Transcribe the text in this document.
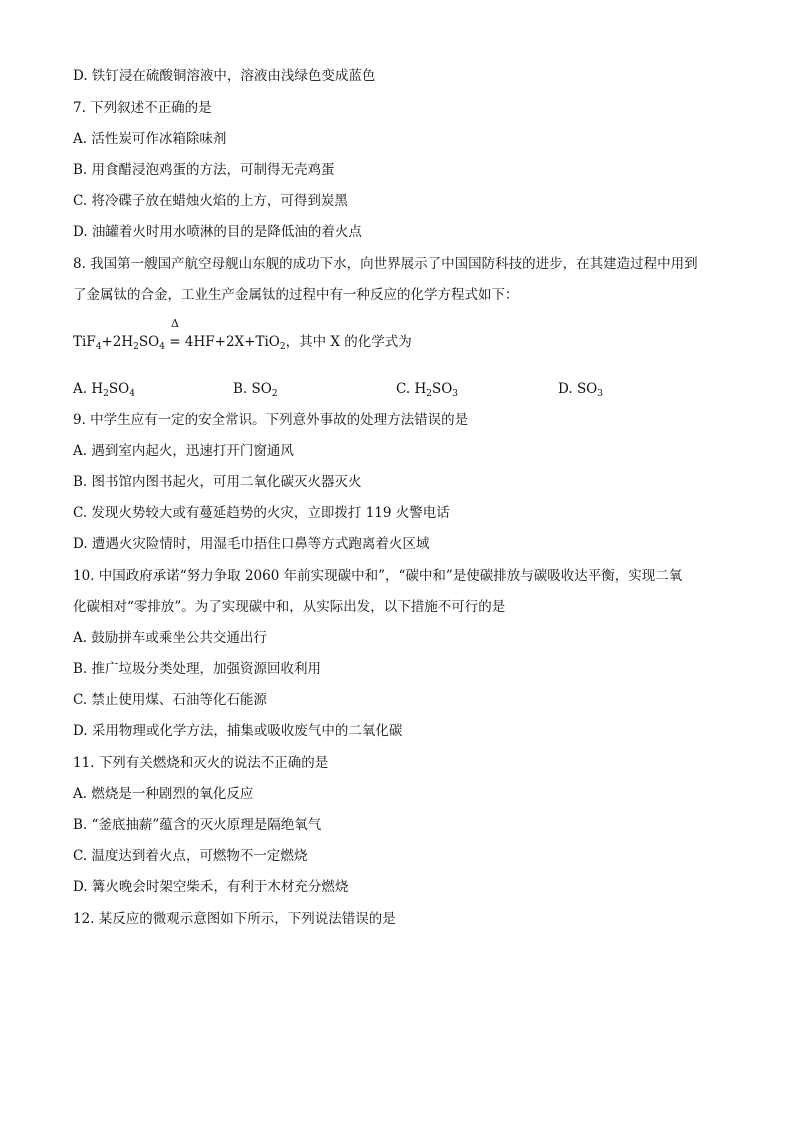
D. 铁钉浸在硫酸铜溶液中，溶液由浅绿色变成蓝色
7. 下列叙述不正确的是
A. 活性炭可作冰箱除味剂
B. 用食醋浸泡鸡蛋的方法，可制得无壳鸡蛋
C. 将冷碟子放在蜡烛火焰的上方，可得到炭黑
D. 油罐着火时用水喷淋的目的是降低油的着火点
8. 我国第一艘国产航空母舰山东舰的成功下水，向世界展示了中国国防科技的进步，在其建造过程中用到
了金属钛的合金，工业生产金属钛的过程中有一种反应的化学方程式如下：
$TiF_4+2H_2SO_4$
Δ
= 4HF+2X+TiO$_2$，其中 X 的化学式为
A. $H_2SO_4$	B. $SO_2$	C. $H_2SO_3$	D. $SO_3$
9. 中学生应有一定的安全常识。下列意外事故的处理方法错误的是
A. 遇到室内起火，迅速打开门窗通风
B. 图书馆内图书起火，可用二氧化碳灭火器灭火
C. 发现火势较大或有蔓延趋势的火灾，立即拨打 119 火警电话
D. 遭遇火灾险情时，用湿毛巾捂住口鼻等方式跑离着火区域
10. 中国政府承诺“努力争取 2060 年前实现碳中和”，“碳中和”是使碳排放与碳吸收达平衡，实现二氧
化碳相对“零排放”。为了实现碳中和，从实际出发，以下措施不可行的是
A. 鼓励拼车或乘坐公共交通出行
B. 推广垃圾分类处理，加强资源回收利用
C. 禁止使用煤、石油等化石能源
D. 采用物理或化学方法，捕集或吸收废气中的二氧化碳
11. 下列有关燃烧和灭火的说法不正确的是
A. 燃烧是一种剧烈的氧化反应
B. “釜底抽薪”蕴含的灭火原理是隔绝氧气
C. 温度达到着火点，可燃物不一定燃烧
D. 篝火晚会时架空柴禾，有利于木材充分燃烧
12. 某反应的微观示意图如下所示，下列说法错误的是
